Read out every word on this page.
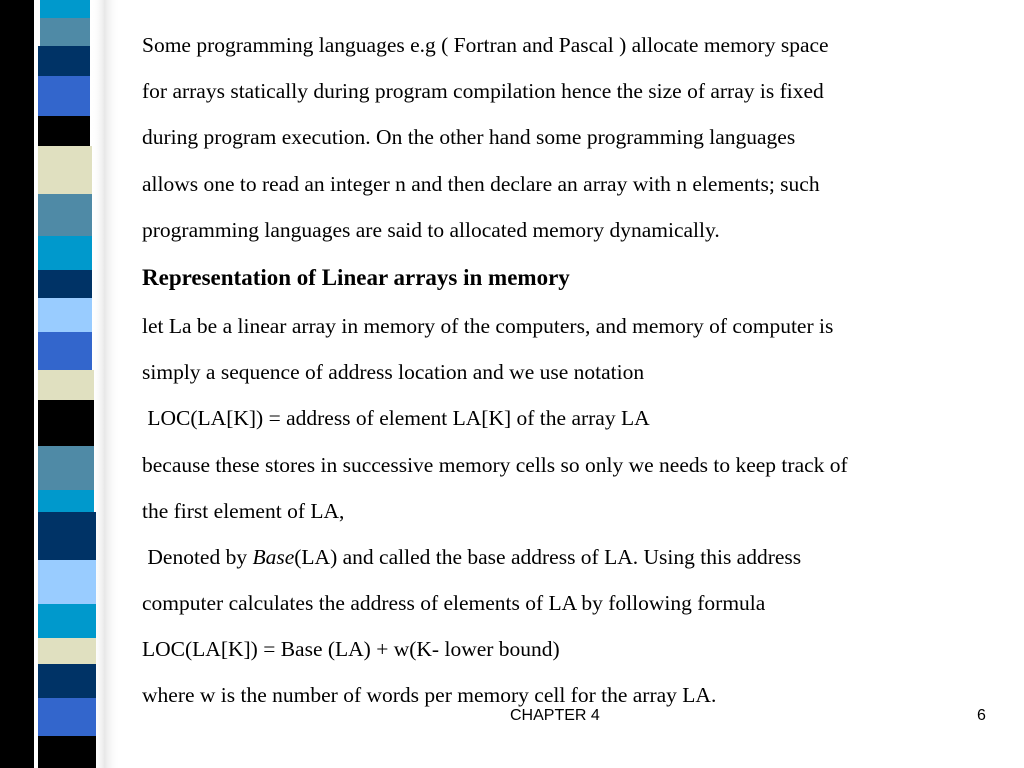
Some programming languages e.g ( Fortran and Pascal ) allocate memory space
for arrays statically during program compilation hence the size of array is fixed
during program execution. On the other hand some programming languages
allows one to read an integer n and then declare an array with n elements; such
programming languages are said to allocated memory dynamically.
Representation of Linear arrays in memory
let La be a linear array in memory of the computers, and memory of computer is
simply a sequence of address location and we use notation
LOC(LA[K]) = address of element LA[K] of the array LA
because these stores in successive memory cells so only we needs to keep track of
the first element of LA,
Denoted by Base(LA) and called the base address of LA. Using this address
computer calculates the address of elements of LA by following formula
LOC(LA[K]) = Base (LA) + w(K- lower bound)
where w is the number of words per memory cell for the array LA.
CHAPTER 4	6
